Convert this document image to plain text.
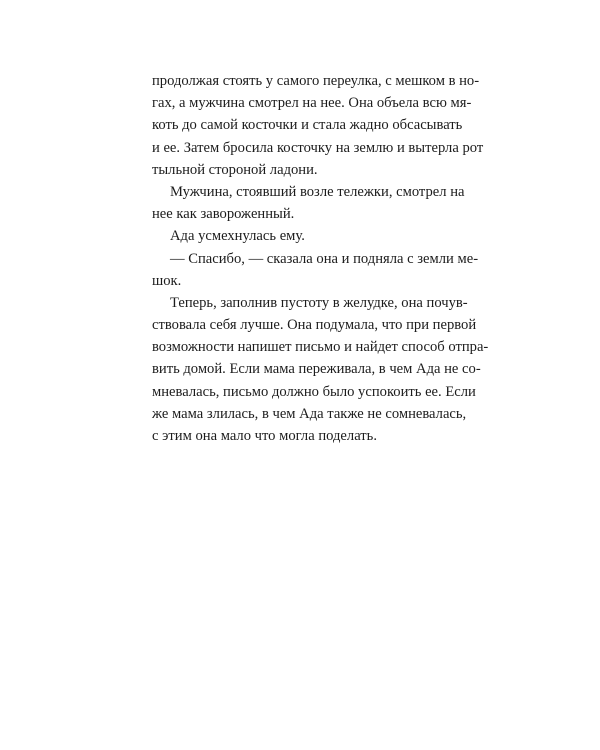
продолжая стоять у самого переулка, с мешком в но-
гах, а мужчина смотрел на нее. Она объела всю мя-
коть до самой косточки и стала жадно обсасывать
и ее. Затем бросила косточку на землю и вытерла рот
тыльной стороной ладони.
Мужчина, стоявший возле тележки, смотрел на
нее как завороженный.
Ада усмехнулась ему.
— Спасибо, — сказала она и подняла с земли ме-
шок.
Теперь, заполнив пустоту в желудке, она почув-
ствовала себя лучше. Она подумала, что при первой
возможности напишет письмо и найдет способ отпра-
вить домой. Если мама переживала, в чем Ада не со-
мневалась, письмо должно было успокоить ее. Если
же мама злилась, в чем Ада также не сомневалась,
с этим она мало что могла поделать.
